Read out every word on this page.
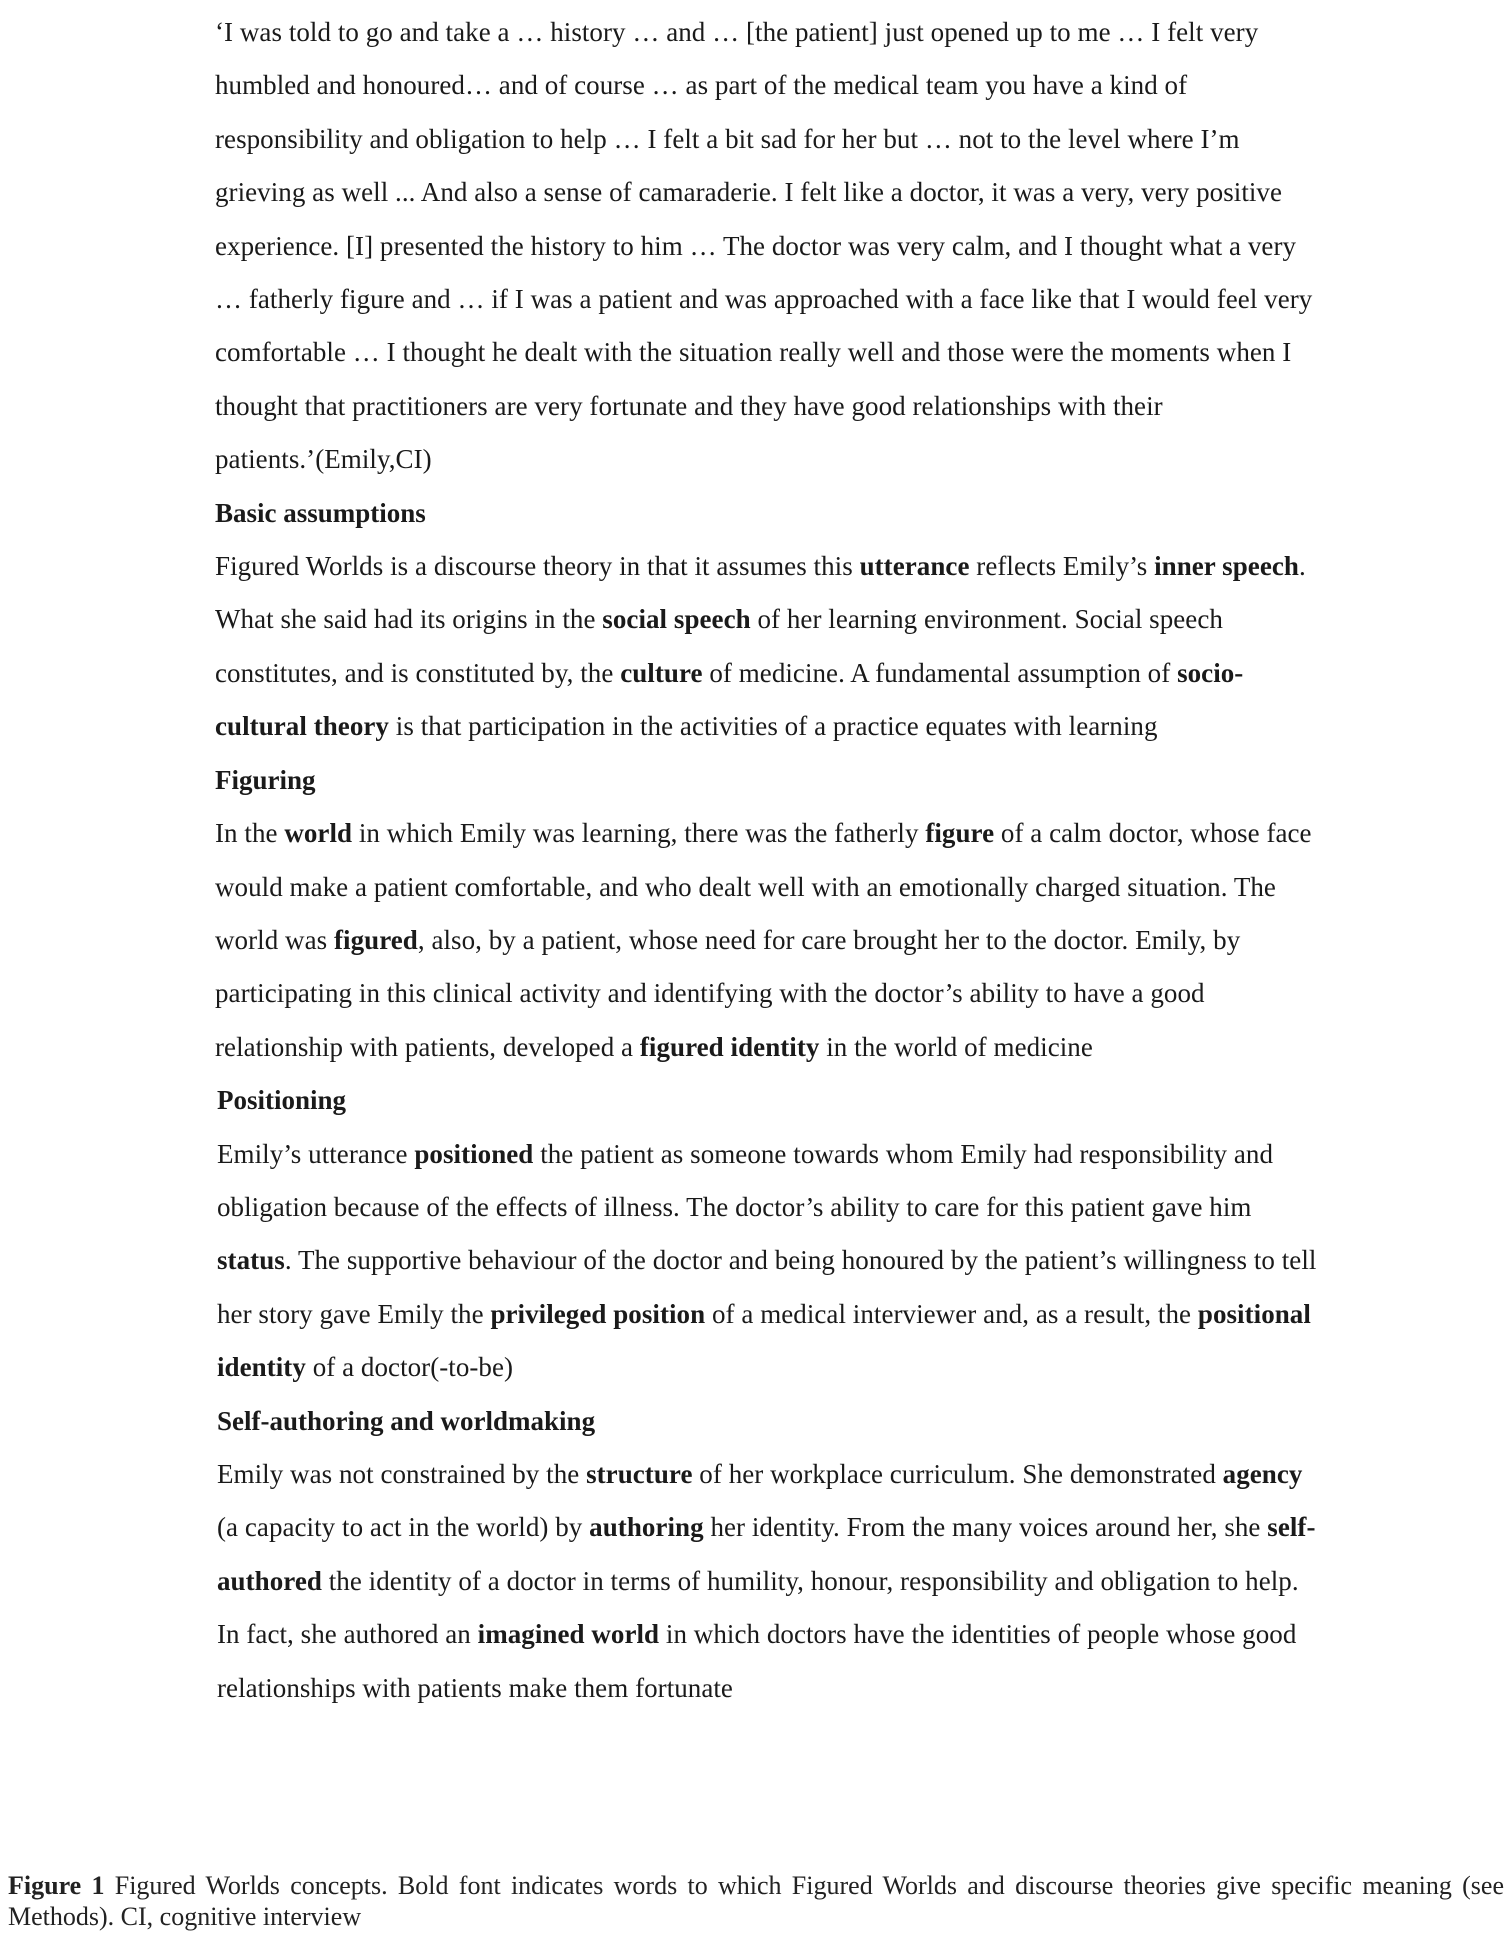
‘I was told to go and take a … history … and … [the patient] just opened up to me … I felt very humbled and honoured… and of course … as part of the medical team you have a kind of responsibility and obligation to help … I felt a bit sad for her but … not to the level where I’m grieving as well ... And also a sense of camaraderie. I felt like a doctor, it was a very, very positive experience. [I] presented the history to him … The doctor was very calm, and I thought what a very … fatherly figure and … if I was a patient and was approached with a face like that I would feel very comfortable … I thought he dealt with the situation really well and those were the moments when I thought that practitioners are very fortunate and they have good relationships with their patients.’(Emily,CI)

Basic assumptions

Figured Worlds is a discourse theory in that it assumes this utterance reflects Emily’s inner speech. What she said had its origins in the social speech of her learning environment. Social speech constitutes, and is constituted by, the culture of medicine. A fundamental assumption of socio-cultural theory is that participation in the activities of a practice equates with learning

Figuring

In the world in which Emily was learning, there was the fatherly figure of a calm doctor, whose face would make a patient comfortable, and who dealt well with an emotionally charged situation. The world was figured, also, by a patient, whose need for care brought her to the doctor. Emily, by participating in this clinical activity and identifying with the doctor’s ability to have a good relationship with patients, developed a figured identity in the world of medicine

Positioning

Emily’s utterance positioned the patient as someone towards whom Emily had responsibility and obligation because of the effects of illness. The doctor’s ability to care for this patient gave him status. The supportive behaviour of the doctor and being honoured by the patient’s willingness to tell her story gave Emily the privileged position of a medical interviewer and, as a result, the positional identity of a doctor(-to-be)

Self-authoring and worldmaking

Emily was not constrained by the structure of her workplace curriculum. She demonstrated agency (a capacity to act in the world) by authoring her identity. From the many voices around her, she self-authored the identity of a doctor in terms of humility, honour, responsibility and obligation to help. In fact, she authored an imagined world in which doctors have the identities of people whose good relationships with patients make them fortunate

Figure 1 Figured Worlds concepts. Bold font indicates words to which Figured Worlds and discourse theories give specific meaning (see Methods). CI, cognitive interview
